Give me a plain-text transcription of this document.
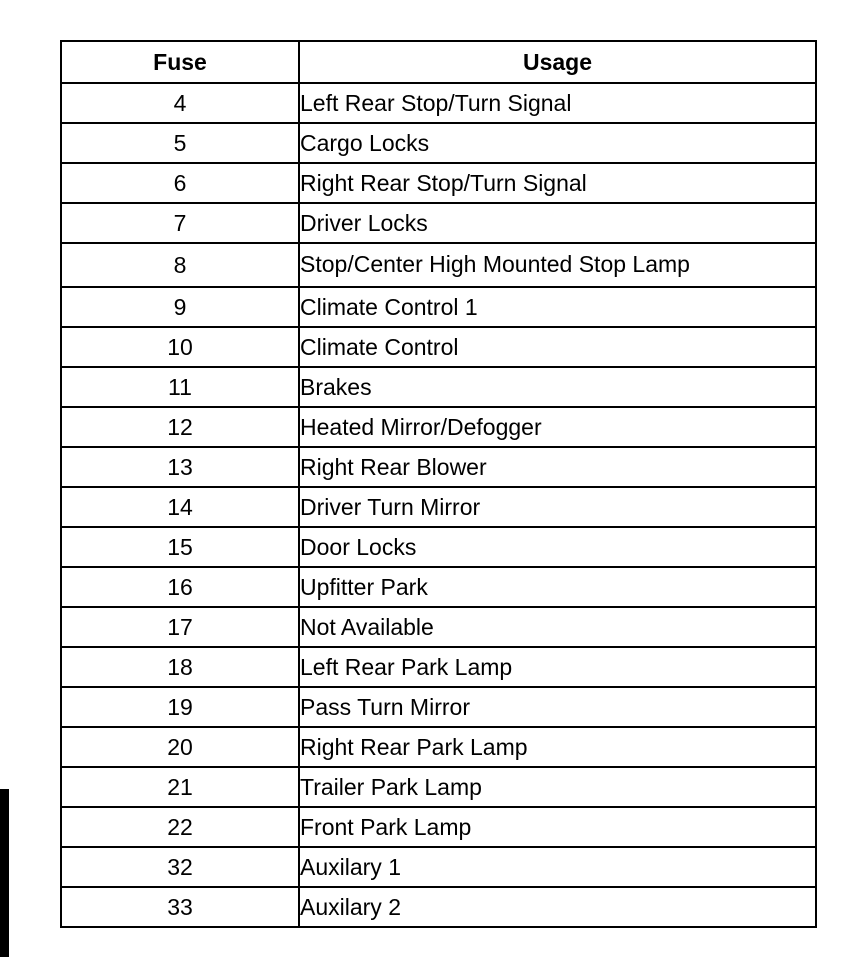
Fuse	Usage
4	Left Rear Stop/Turn Signal
5	Cargo Locks
6	Right Rear Stop/Turn Signal
7	Driver Locks
8	Stop/Center High Mounted Stop Lamp
9	Climate Control 1
10	Climate Control
11	Brakes
12	Heated Mirror/Defogger
13	Right Rear Blower
14	Driver Turn Mirror
15	Door Locks
16	Upfitter Park
17	Not Available
18	Left Rear Park Lamp
19	Pass Turn Mirror
20	Right Rear Park Lamp
21	Trailer Park Lamp
22	Front Park Lamp
32	Auxilary 1
33	Auxilary 2
